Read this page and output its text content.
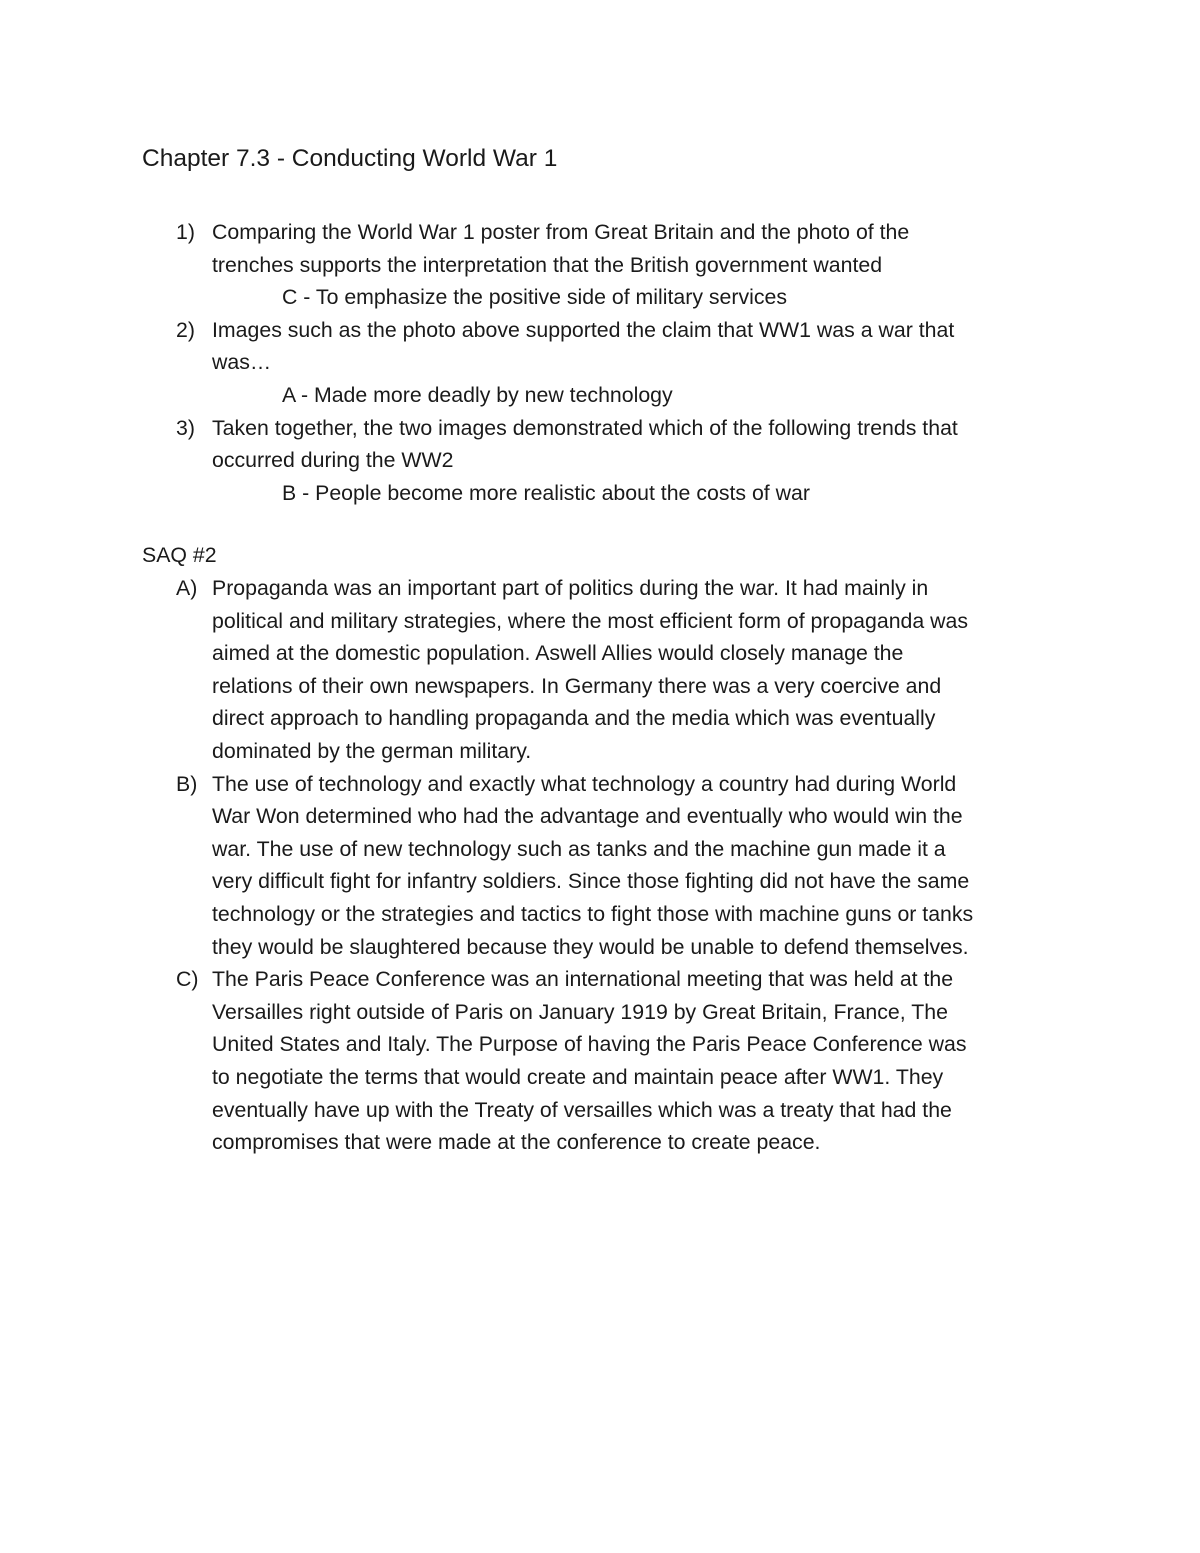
Chapter 7.3 - Conducting World War 1
1) Comparing the World War 1 poster from Great Britain and the photo of the
trenches supports the interpretation that the British government wanted
C - To emphasize the positive side of military services
2) Images such as the photo above supported the claim that WW1 was a war that
was…
A - Made more deadly by new technology
3) Taken together, the two images demonstrated which of the following trends that
occurred during the WW2
B - People become more realistic about the costs of war
SAQ #2
A) Propaganda was an important part of politics during the war. It had mainly in
political and military strategies, where the most efficient form of propaganda was
aimed at the domestic population. Aswell Allies would closely manage the
relations of their own newspapers. In Germany there was a very coercive and
direct approach to handling propaganda and the media which was eventually
dominated by the german military.
B) The use of technology and exactly what technology a country had during World
War Won determined who had the advantage and eventually who would win the
war. The use of new technology such as tanks and the machine gun made it a
very difficult fight for infantry soldiers. Since those fighting did not have the same
technology or the strategies and tactics to fight those with machine guns or tanks
they would be slaughtered because they would be unable to defend themselves.
C) The Paris Peace Conference was an international meeting that was held at the
Versailles right outside of Paris on January 1919 by Great Britain, France, The
United States and Italy. The Purpose of having the Paris Peace Conference was
to negotiate the terms that would create and maintain peace after WW1. They
eventually have up with the Treaty of versailles which was a treaty that had the
compromises that were made at the conference to create peace.
